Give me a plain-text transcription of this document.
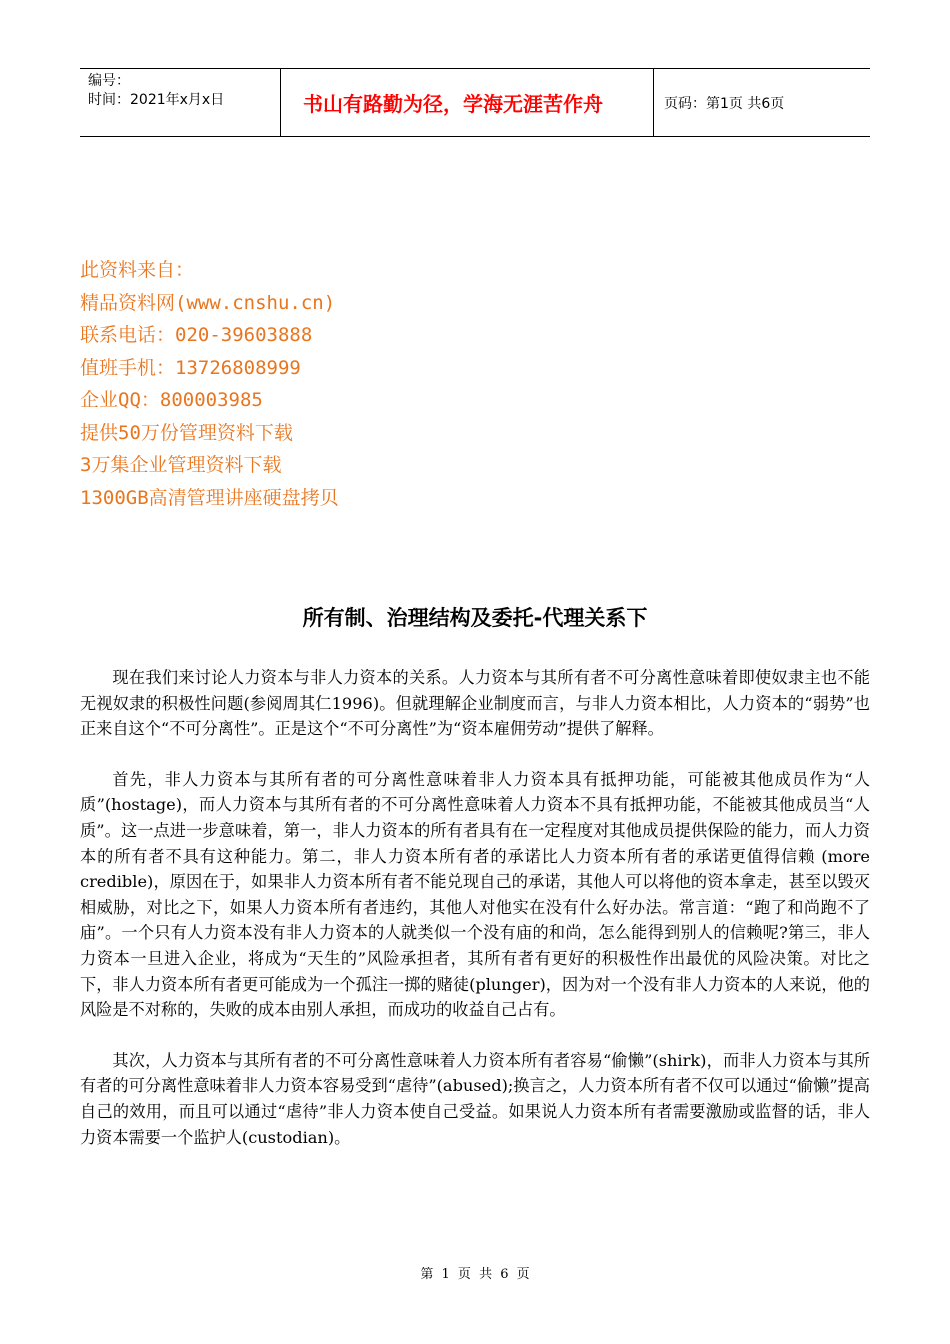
编号：
时间：2021年x月x日	书山有路勤为径，学海无涯苦作舟	页码：第1页 共6页
此资料来自：
精品资料网(www.cnshu.cn)
联系电话：020-39603888
值班手机：13726808999
企业QQ：800003985
提供50万份管理资料下载
3万集企业管理资料下载
1300GB高清管理讲座硬盘拷贝
所有制、治理结构及委托-代理关系下

现在我们来讨论人力资本与非人力资本的关系。人力资本与其所有者不可分离性意味着即使奴隶主也不能无视奴隶的积极性问题(参阅周其仁1996)。但就理解企业制度而言，与非人力资本相比，人力资本的“弱势”也正来自这个“不可分离性”。正是这个“不可分离性”为“资本雇佣劳动”提供了解释。

首先，非人力资本与其所有者的可分离性意味着非人力资本具有抵押功能，可能被其他成员作为“人质”(hostage)，而人力资本与其所有者的不可分离性意味着人力资本不具有抵押功能，不能被其他成员当“人质”。这一点进一步意味着，第一，非人力资本的所有者具有在一定程度对其他成员提供保险的能力，而人力资本的所有者不具有这种能力。第二，非人力资本所有者的承诺比人力资本所有者的承诺更值得信赖 (more credible)，原因在于，如果非人力资本所有者不能兑现自己的承诺，其他人可以将他的资本拿走，甚至以毁灭相威胁，对比之下，如果人力资本所有者违约，其他人对他实在没有什么好办法。常言道：“跑了和尚跑不了庙”。一个只有人力资本没有非人力资本的人就类似一个没有庙的和尚，怎么能得到别人的信赖呢?第三，非人力资本一旦进入企业，将成为“天生的”风险承担者，其所有者有更好的积极性作出最优的风险决策。对比之下，非人力资本所有者更可能成为一个孤注一掷的赌徒(plunger)，因为对一个没有非人力资本的人来说，他的风险是不对称的，失败的成本由别人承担，而成功的收益自己占有。

其次，人力资本与其所有者的不可分离性意味着人力资本所有者容易“偷懒”(shirk)，而非人力资本与其所有者的可分离性意味着非人力资本容易受到“虐待”(abused);换言之，人力资本所有者不仅可以通过“偷懒”提高自己的效用，而且可以通过“虐待”非人力资本使自己受益。如果说人力资本所有者需要激励或监督的话，非人力资本需要一个监护人(custodian)。

第 1 页 共 6 页
